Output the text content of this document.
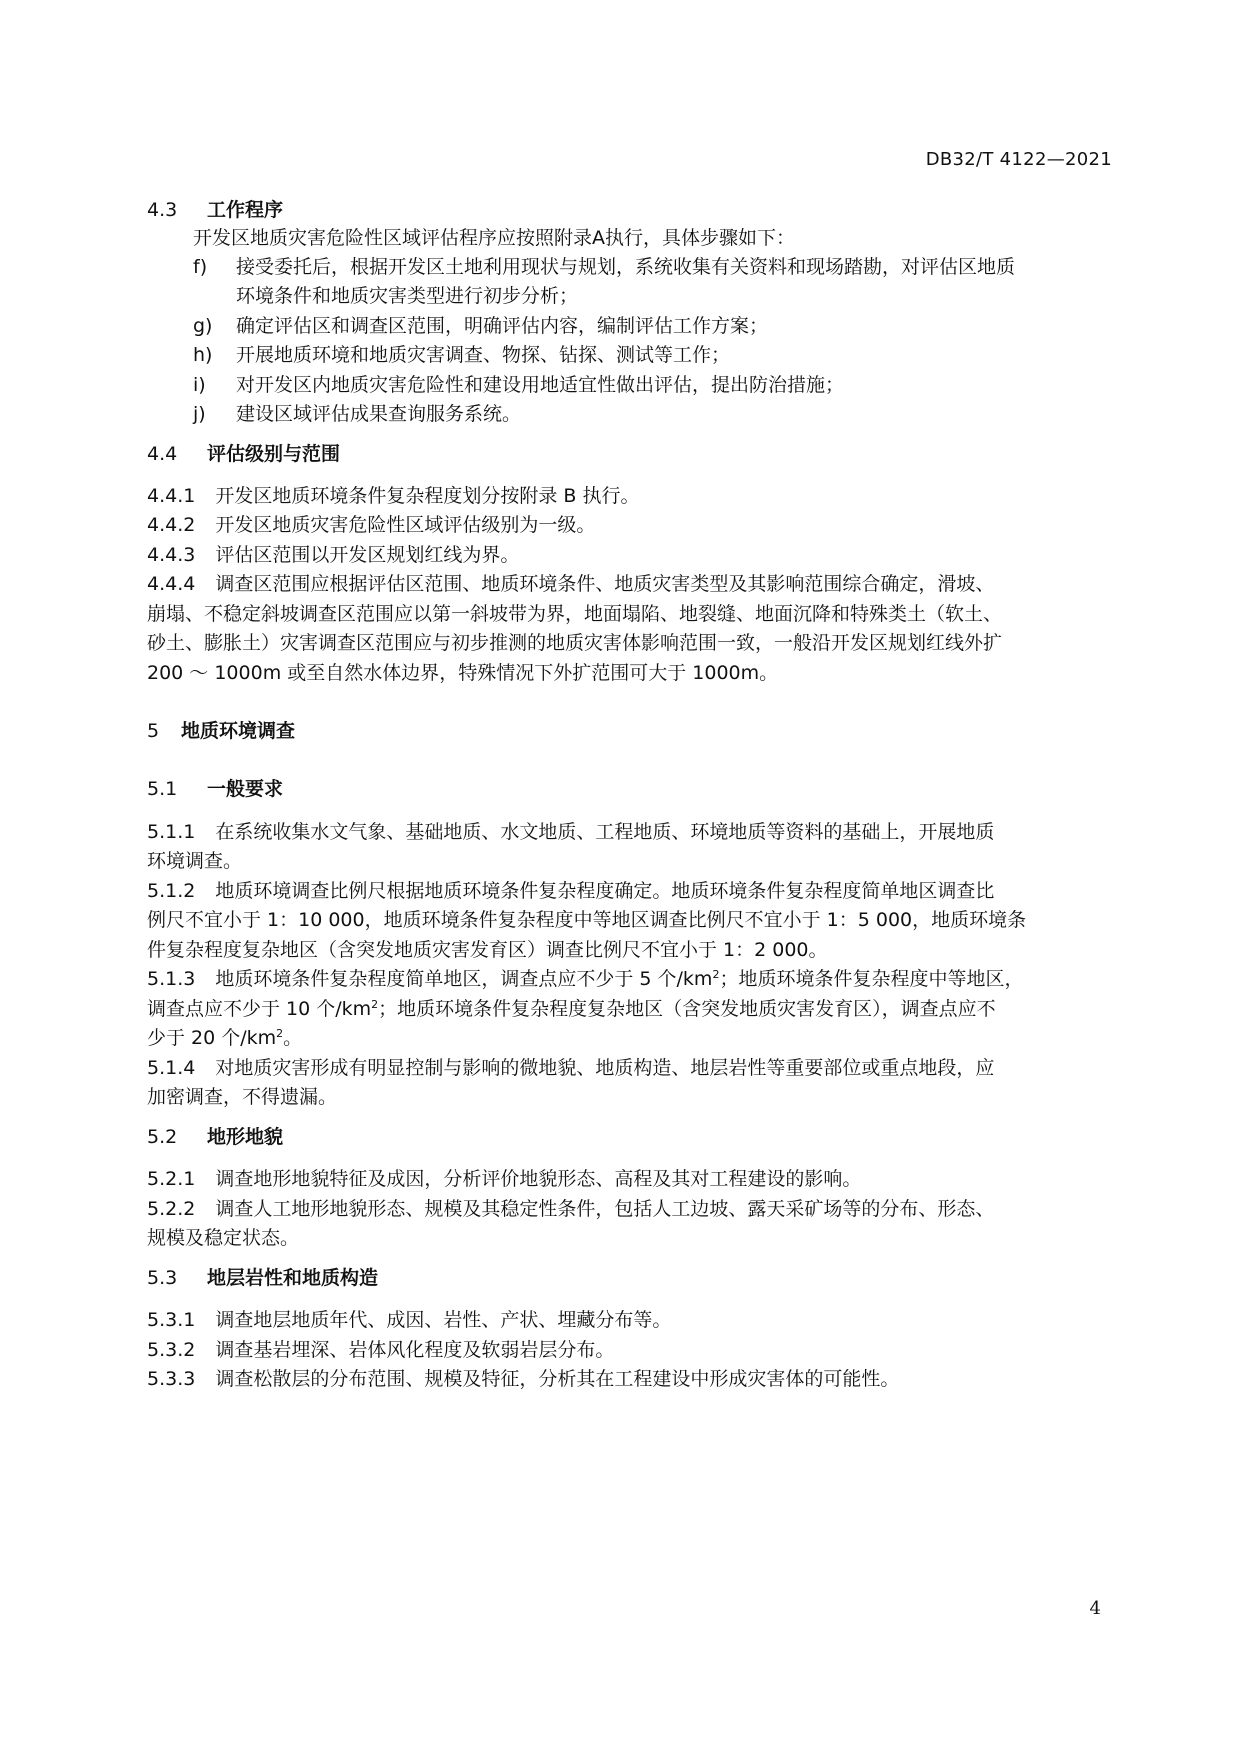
DB32/T 4122—2021
4.3 工作程序
开发区地质灾害危险性区域评估程序应按照附录A执行，具体步骤如下：
f) 接受委托后，根据开发区土地利用现状与规划，系统收集有关资料和现场踏勘，对评估区地质
环境条件和地质灾害类型进行初步分析；
g) 确定评估区和调查区范围，明确评估内容，编制评估工作方案；
h) 开展地质环境和地质灾害调查、物探、钻探、测试等工作；
i) 对开发区内地质灾害危险性和建设用地适宜性做出评估，提出防治措施；
j) 建设区域评估成果查询服务系统。
4.4 评估级别与范围
4.4.1 开发区地质环境条件复杂程度划分按附录 B 执行。
4.4.2 开发区地质灾害危险性区域评估级别为一级。
4.4.3 评估区范围以开发区规划红线为界。
4.4.4 调查区范围应根据评估区范围、地质环境条件、地质灾害类型及其影响范围综合确定，滑坡、
崩塌、不稳定斜坡调查区范围应以第一斜坡带为界，地面塌陷、地裂缝、地面沉降和特殊类土（软土、
砂土、膨胀土）灾害调查区范围应与初步推测的地质灾害体影响范围一致，一般沿开发区规划红线外扩
200 ～ 1000m 或至自然水体边界，特殊情况下外扩范围可大于 1000m。
5 地质环境调查
5.1 一般要求
5.1.1 在系统收集水文气象、基础地质、水文地质、工程地质、环境地质等资料的基础上，开展地质
环境调查。
5.1.2 地质环境调查比例尺根据地质环境条件复杂程度确定。地质环境条件复杂程度简单地区调查比
例尺不宜小于 1：10 000，地质环境条件复杂程度中等地区调查比例尺不宜小于 1：5 000，地质环境条
件复杂程度复杂地区（含突发地质灾害发育区）调查比例尺不宜小于 1：2 000。
5.1.3 地质环境条件复杂程度简单地区，调查点应不少于 5 个$/km^2$；地质环境条件复杂程度中等地区，
调查点应不少于 10 个$/km^2$；地质环境条件复杂程度复杂地区（含突发地质灾害发育区），调查点应不
少于 20 个$/km^2$。
5.1.4 对地质灾害形成有明显控制与影响的微地貌、地质构造、地层岩性等重要部位或重点地段，应
加密调查，不得遗漏。
5.2 地形地貌
5.2.1 调查地形地貌特征及成因，分析评价地貌形态、高程及其对工程建设的影响。
5.2.2 调查人工地形地貌形态、规模及其稳定性条件，包括人工边坡、露天采矿场等的分布、形态、
规模及稳定状态。
5.3 地层岩性和地质构造
5.3.1 调查地层地质年代、成因、岩性、产状、埋藏分布等。
5.3.2 调查基岩埋深、岩体风化程度及软弱岩层分布。
5.3.3 调查松散层的分布范围、规模及特征，分析其在工程建设中形成灾害体的可能性。
4
